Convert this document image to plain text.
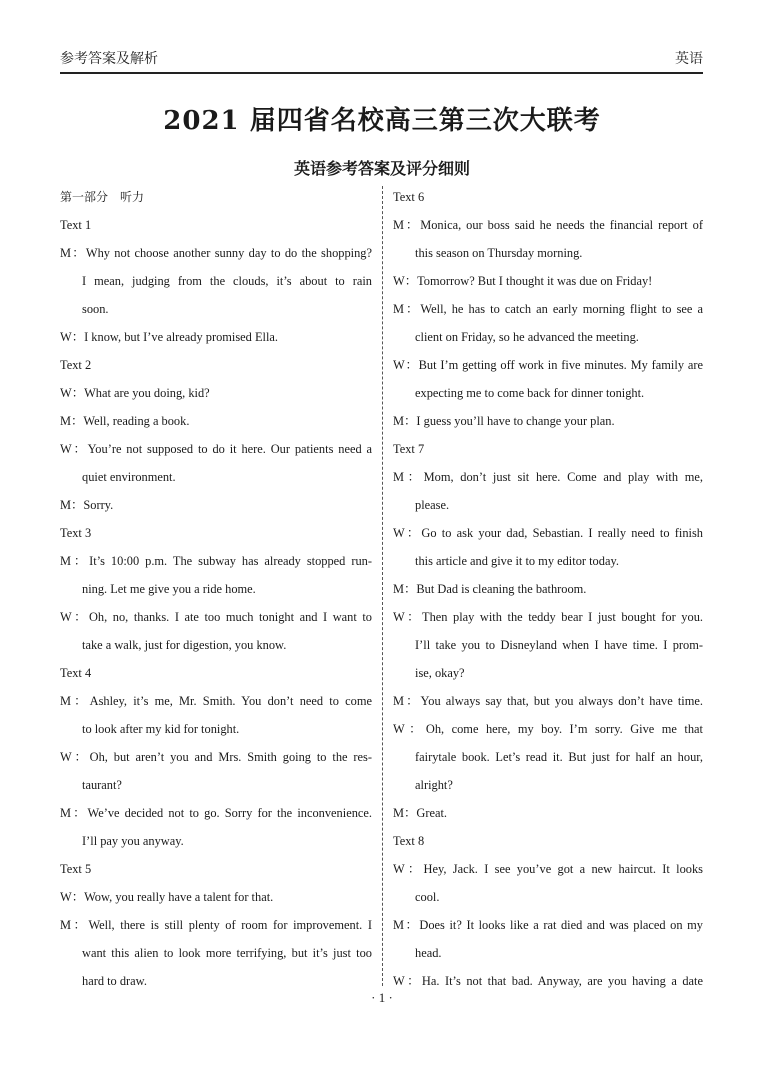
参考答案及解析	英语
2021 届四省名校高三第三次大联考
英语参考答案及评分细则
第一部分　听力
Text 1
M：Why not choose another sunny day to do the shopping?
I mean, judging from the clouds, it’s about to rain
soon.
W：I know, but I’ve already promised Ella.
Text 2
W：What are you doing, kid?
M：Well, reading a book.
W：You’re not supposed to do it here. Our patients need a
quiet environment.
M：Sorry.
Text 3
M：It’s 10:00 p.m. The subway has already stopped run-
ning. Let me give you a ride home.
W：Oh, no, thanks. I ate too much tonight and I want to
take a walk, just for digestion, you know.
Text 4
M：Ashley, it’s me, Mr. Smith. You don’t need to come
to look after my kid for tonight.
W：Oh, but aren’t you and Mrs. Smith going to the res-
taurant?
M：We’ve decided not to go. Sorry for the inconvenience.
I’ll pay you anyway.
Text 5
W：Wow, you really have a talent for that.
M：Well, there is still plenty of room for improvement. I
want this alien to look more terrifying, but it’s just too
hard to draw.
Text 6
M：Monica, our boss said he needs the financial report of
this season on Thursday morning.
W：Tomorrow? But I thought it was due on Friday!
M：Well, he has to catch an early morning flight to see a
client on Friday, so he advanced the meeting.
W：But I’m getting off work in five minutes. My family are
expecting me to come back for dinner tonight.
M：I guess you’ll have to change your plan.
Text 7
M：Mom, don’t just sit here. Come and play with me,
please.
W：Go to ask your dad, Sebastian. I really need to finish
this article and give it to my editor today.
M：But Dad is cleaning the bathroom.
W：Then play with the teddy bear I just bought for you.
I’ll take you to Disneyland when I have time. I prom-
ise, okay?
M：You always say that, but you always don’t have time.
W：Oh, come here, my boy. I’m sorry. Give me that
fairytale book. Let’s read it. But just for half an hour,
alright?
M：Great.
Text 8
W：Hey, Jack. I see you’ve got a new haircut. It looks
cool.
M：Does it? It looks like a rat died and was placed on my
head.
W：Ha. It’s not that bad. Anyway, are you having a date
· 1 ·
